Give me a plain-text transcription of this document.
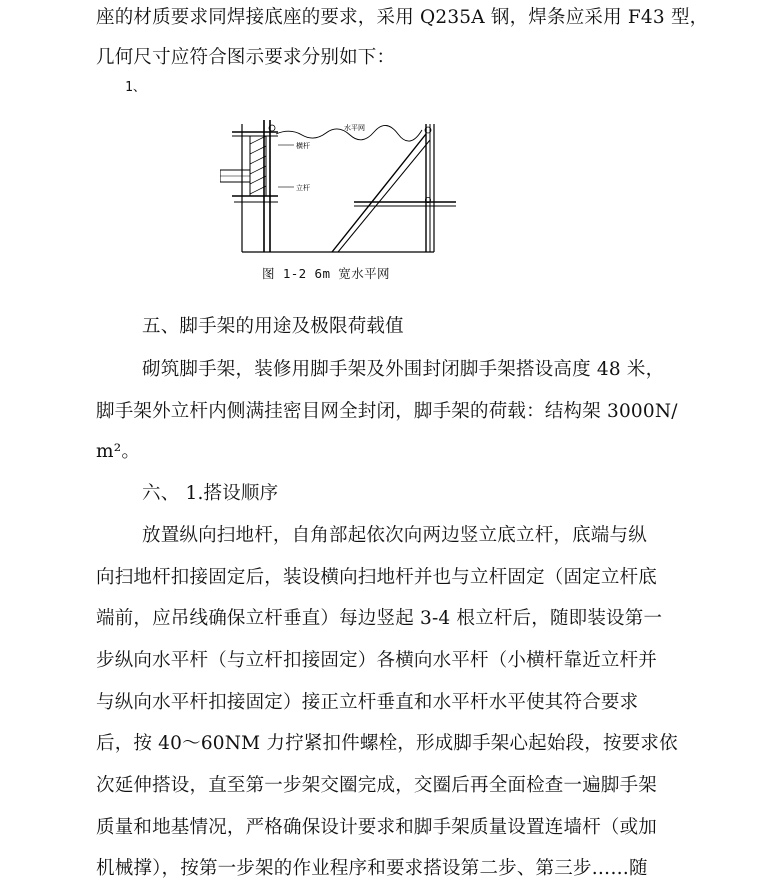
座的材质要求同焊接底座的要求，采用 Q235A 钢，焊条应采用 F43 型，
几何尺寸应符合图示要求分别如下：
1、
水平网
横杆
立杆
图 1-2 6m 宽水平网
五、脚手架的用途及极限荷载值
砌筑脚手架，装修用脚手架及外围封闭脚手架搭设高度 48 米，
脚手架外立杆内侧满挂密目网全封闭，脚手架的荷载：结构架 3000N/
m²。
六、 1.搭设顺序
放置纵向扫地杆，自角部起依次向两边竖立底立杆，底端与纵
向扫地杆扣接固定后，装设横向扫地杆并也与立杆固定（固定立杆底
端前，应吊线确保立杆垂直）每边竖起 3-4 根立杆后，随即装设第一
步纵向水平杆（与立杆扣接固定）各横向水平杆（小横杆靠近立杆并
与纵向水平杆扣接固定）接正立杆垂直和水平杆水平使其符合要求
后，按 40～60NM 力拧紧扣件螺栓，形成脚手架心起始段，按要求依
次延伸搭设，直至第一步架交圈完成，交圈后再全面检查一遍脚手架
质量和地基情况，严格确保设计要求和脚手架质量设置连墙杆（或加
机械撑），按第一步架的作业程序和要求搭设第二步、第三步……随
